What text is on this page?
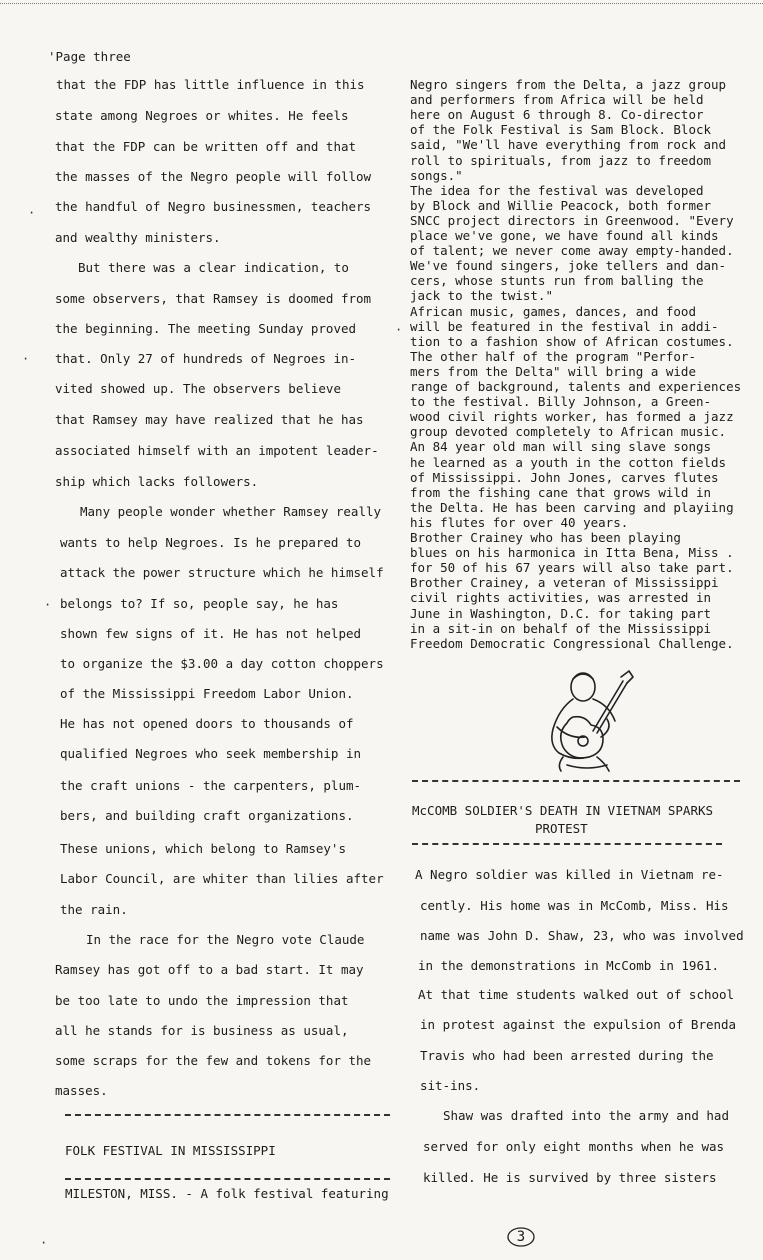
'Page three
that the FDP has little influence in this
state among Negroes or whites. He feels
that the FDP can be written off and that
the masses of the Negro people will follow
the handful of Negro businessmen, teachers
and wealthy ministers.
But there was a clear indication, to
some observers, that Ramsey is doomed from
the beginning. The meeting Sunday proved
that. Only 27 of hundreds of Negroes in-
vited showed up. The observers believe
that Ramsey may have realized that he has
associated himself with an impotent leader-
ship which lacks followers.
Many people wonder whether Ramsey really
wants to help Negroes. Is he prepared to
attack the power structure which he himself
belongs to? If so, people say, he has
shown few signs of it. He has not helped
to organize the $3.00 a day cotton choppers
of the Mississippi Freedom Labor Union.
He has not opened doors to thousands of
qualified Negroes who seek membership in
the craft unions - the carpenters, plum-
bers, and building craft organizations.
These unions, which belong to Ramsey's
Labor Council, are whiter than lilies after
the rain.
In the race for the Negro vote Claude
Ramsey has got off to a bad start. It may
be too late to undo the impression that
all he stands for is business as usual,
some scraps for the few and tokens for the
masses.
FOLK FESTIVAL IN MISSISSIPPI
MILESTON, MISS. - A folk festival featuring
Negro singers from the Delta, a jazz group
and performers from Africa will be held
here on August 6 through 8. Co-director
of the Folk Festival is Sam Block. Block
said, "We'll have everything from rock and
roll to spirituals, from jazz to freedom
songs."
The idea for the festival was developed
by Block and Willie Peacock, both former
SNCC project directors in Greenwood. "Every
place we've gone, we have found all kinds
of talent; we never come away empty-handed.
We've found singers, joke tellers and dan-
cers, whose stunts run from balling the
jack to the twist."
African music, games, dances, and food
will be featured in the festival in addi-
tion to a fashion show of African costumes.
The other half of the program "Perfor-
mers from the Delta" will bring a wide
range of background, talents and experiences
to the festival. Billy Johnson, a Green-
wood civil rights worker, has formed a jazz
group devoted completely to African music.
An 84 year old man will sing slave songs
he learned as a youth in the cotton fields
of Mississippi. John Jones, carves flutes
from the fishing cane that grows wild in
the Delta. He has been carving and playiing
his flutes for over 40 years.
Brother Crainey who has been playing
blues on his harmonica in Itta Bena, Miss .
for 50 of his 67 years will also take part.
Brother Crainey, a veteran of Mississippi
civil rights activities, was arrested in
June in Washington, D.C. for taking part
in a sit-in on behalf of the Mississippi
Freedom Democratic Congressional Challenge.
McCOMB SOLDIER'S DEATH IN VIETNAM SPARKS
PROTEST
A Negro soldier was killed in Vietnam re-
cently. His home was in McComb, Miss. His
name was John D. Shaw, 23, who was involved
in the demonstrations in McComb in 1961.
At that time students walked out of school
in protest against the expulsion of Brenda
Travis who had been arrested during the
sit-ins.
Shaw was drafted into the army and had
served for only eight months when he was
killed. He is survived by three sisters
3
·
·
·
·
·
